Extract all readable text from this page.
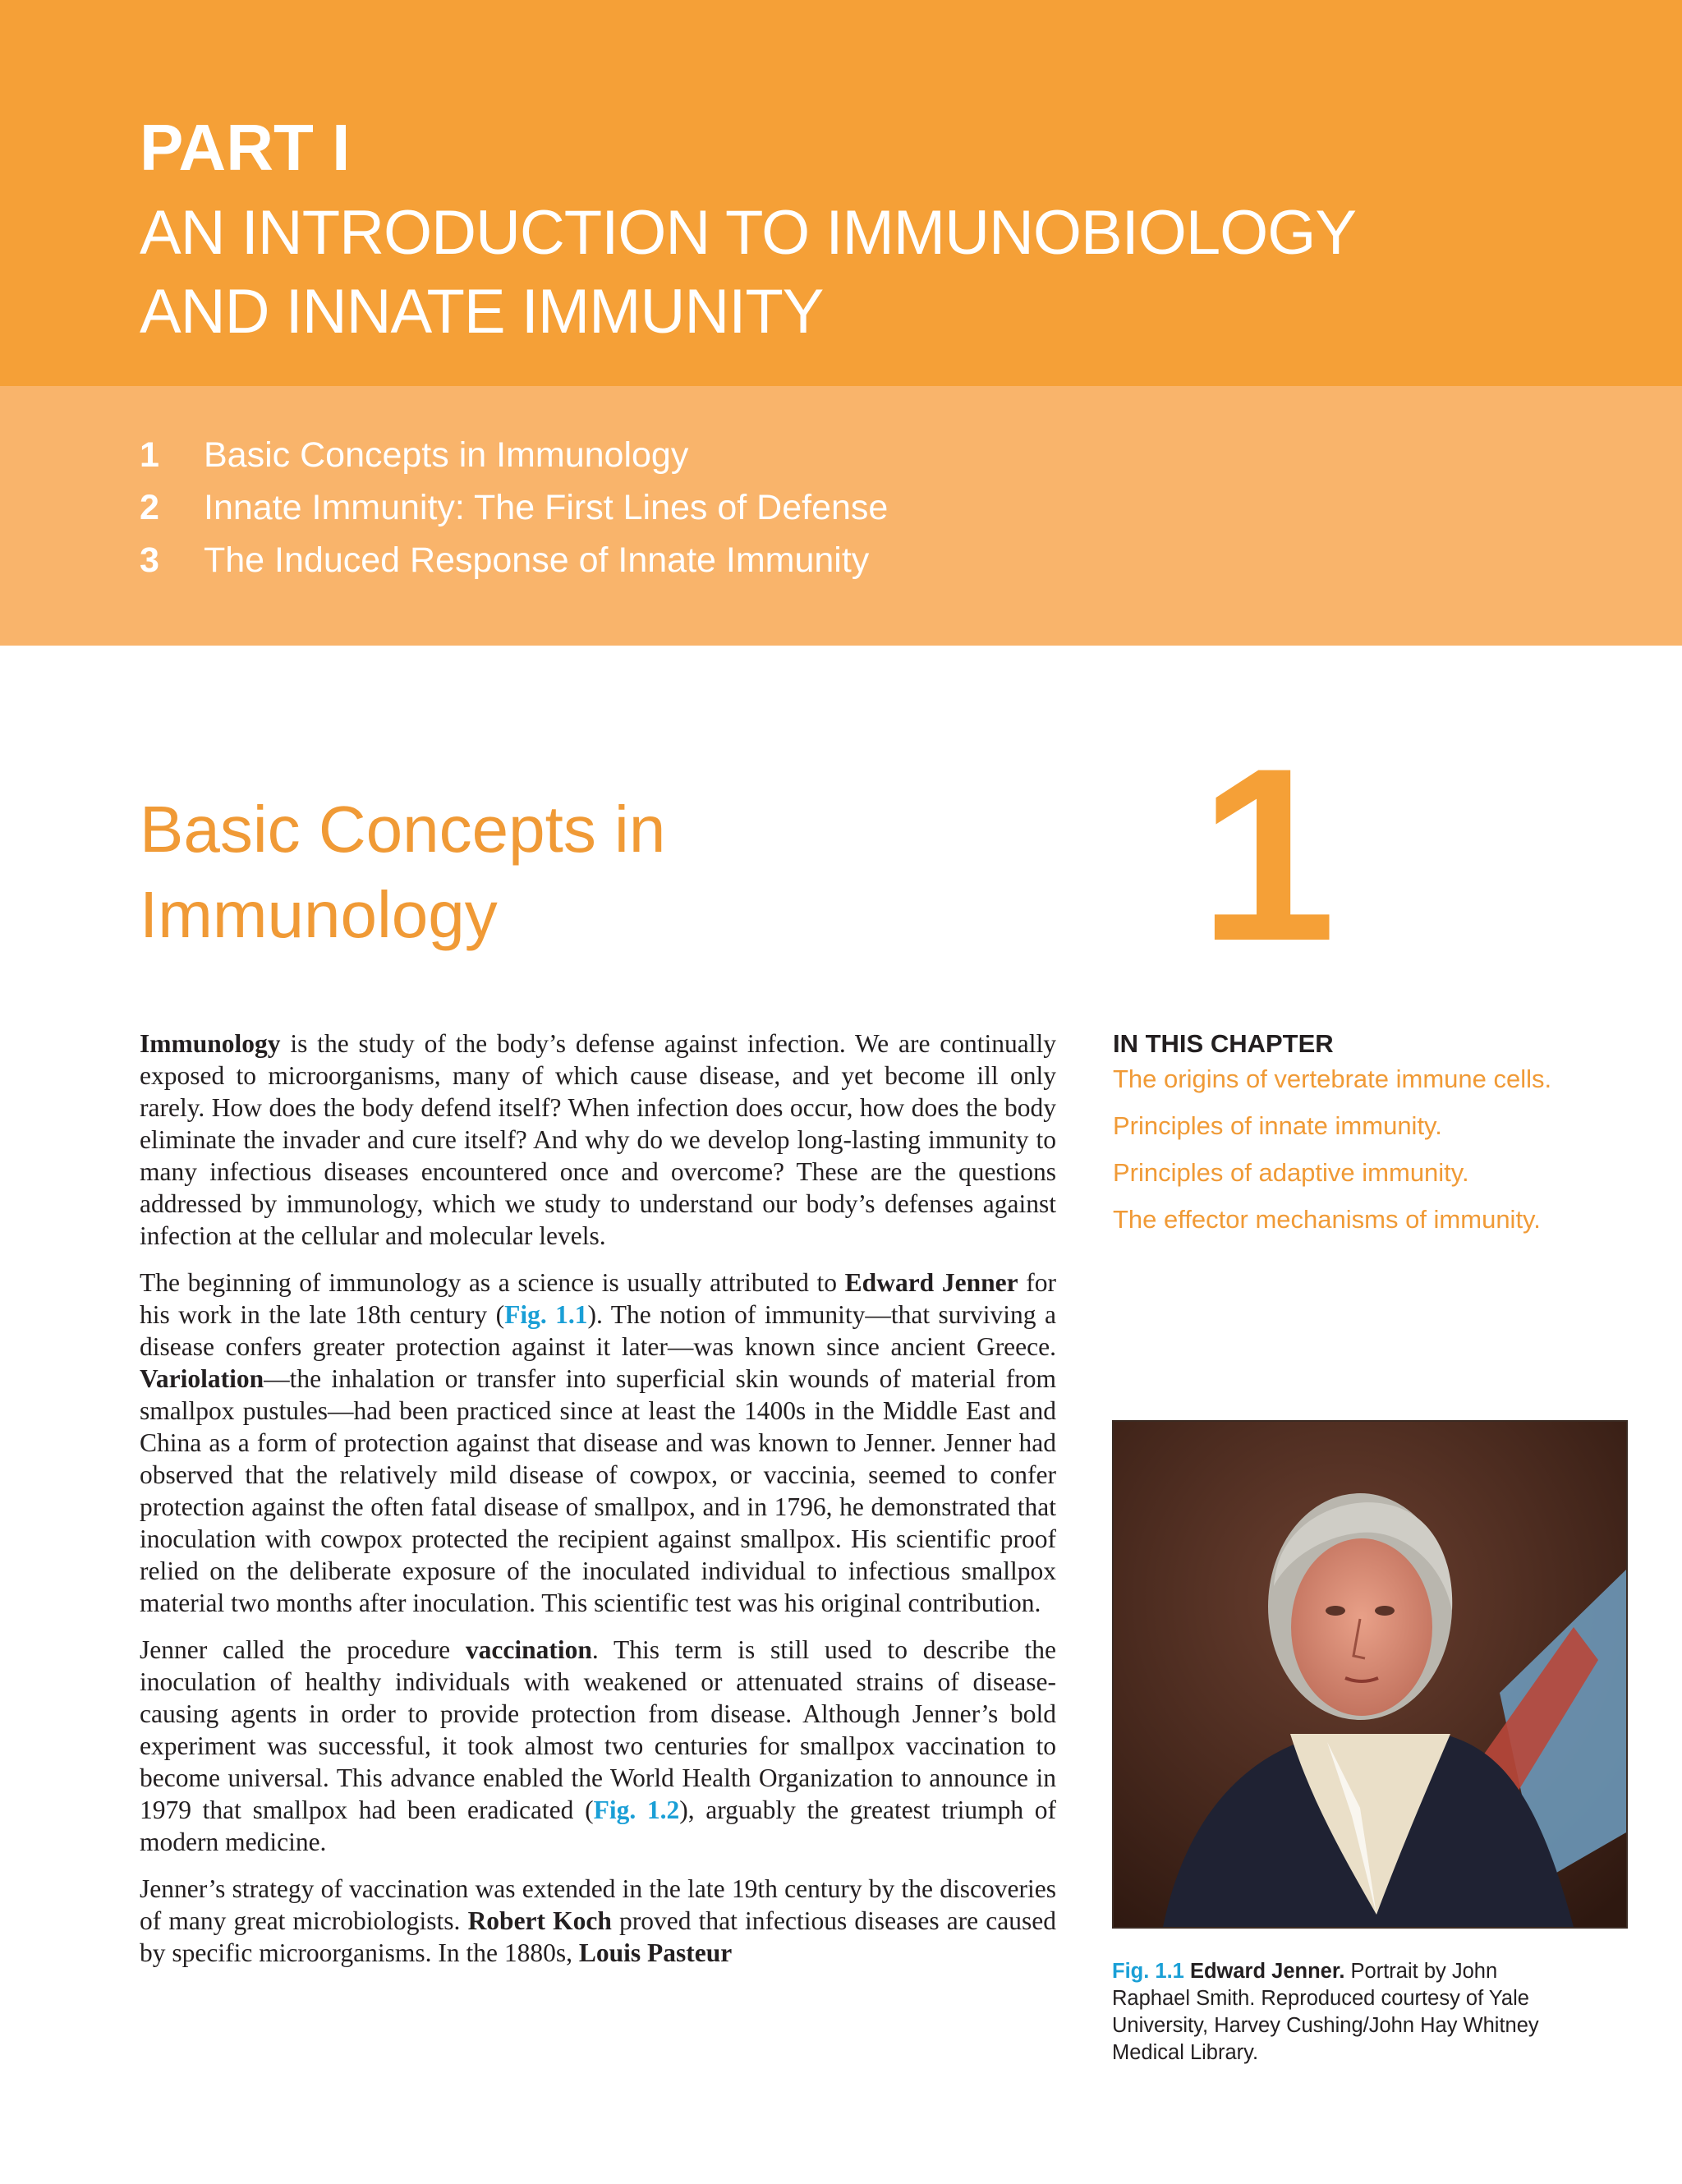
PART I
AN INTRODUCTION TO IMMUNOBIOLOGY
AND INNATE IMMUNITY
1 Basic Concepts in Immunology
2 Innate Immunity: The First Lines of Defense
3 The Induced Response of Innate Immunity
Basic Concepts in
Immunology	1

Immunology is the study of the body’s defense against infection. We are continually exposed to microorganisms, many of which cause disease, and yet become ill only rarely. How does the body defend itself? When infection does occur, how does the body eliminate the invader and cure itself? And why do we develop long-lasting immunity to many infectious diseases encountered once and overcome? These are the questions addressed by immunology, which we study to understand our body’s defenses against infection at the cellular and molecular levels.

The beginning of immunology as a science is usually attributed to Edward Jenner for his work in the late 18th century (Fig. 1.1). The notion of immunity—that surviving a disease confers greater protection against it later—was known since ancient Greece. Variolation—the inhalation or transfer into superficial skin wounds of material from smallpox pustules—had been practiced since at least the 1400s in the Middle East and China as a form of protection against that disease and was known to Jenner. Jenner had observed that the relatively mild disease of cowpox, or vaccinia, seemed to confer protection against the often fatal disease of smallpox, and in 1796, he demonstrated that inoculation with cowpox protected the recipient against smallpox. His scientific proof relied on the deliberate exposure of the inoculated individual to infectious smallpox material two months after inoculation. This scientific test was his original contribution.

Jenner called the procedure vaccination. This term is still used to describe the inoculation of healthy individuals with weakened or attenuated strains of disease-causing agents in order to provide protection from disease. Although Jenner’s bold experiment was successful, it took almost two centuries for smallpox vaccination to become universal. This advance enabled the World Health Organization to announce in 1979 that smallpox had been eradicated (Fig. 1.2), arguably the greatest triumph of modern medicine.

Jenner’s strategy of vaccination was extended in the late 19th century by the discoveries of many great microbiologists. Robert Koch proved that infectious diseases are caused by specific microorganisms. In the 1880s, Louis Pasteur

IN THIS CHAPTER
The origins of vertebrate immune cells.
Principles of innate immunity.
Principles of adaptive immunity.
The effector mechanisms of immunity.
Fig. 1.1 Edward Jenner. Portrait by John Raphael Smith. Reproduced courtesy of Yale University, Harvey Cushing/John Hay Whitney Medical Library.
